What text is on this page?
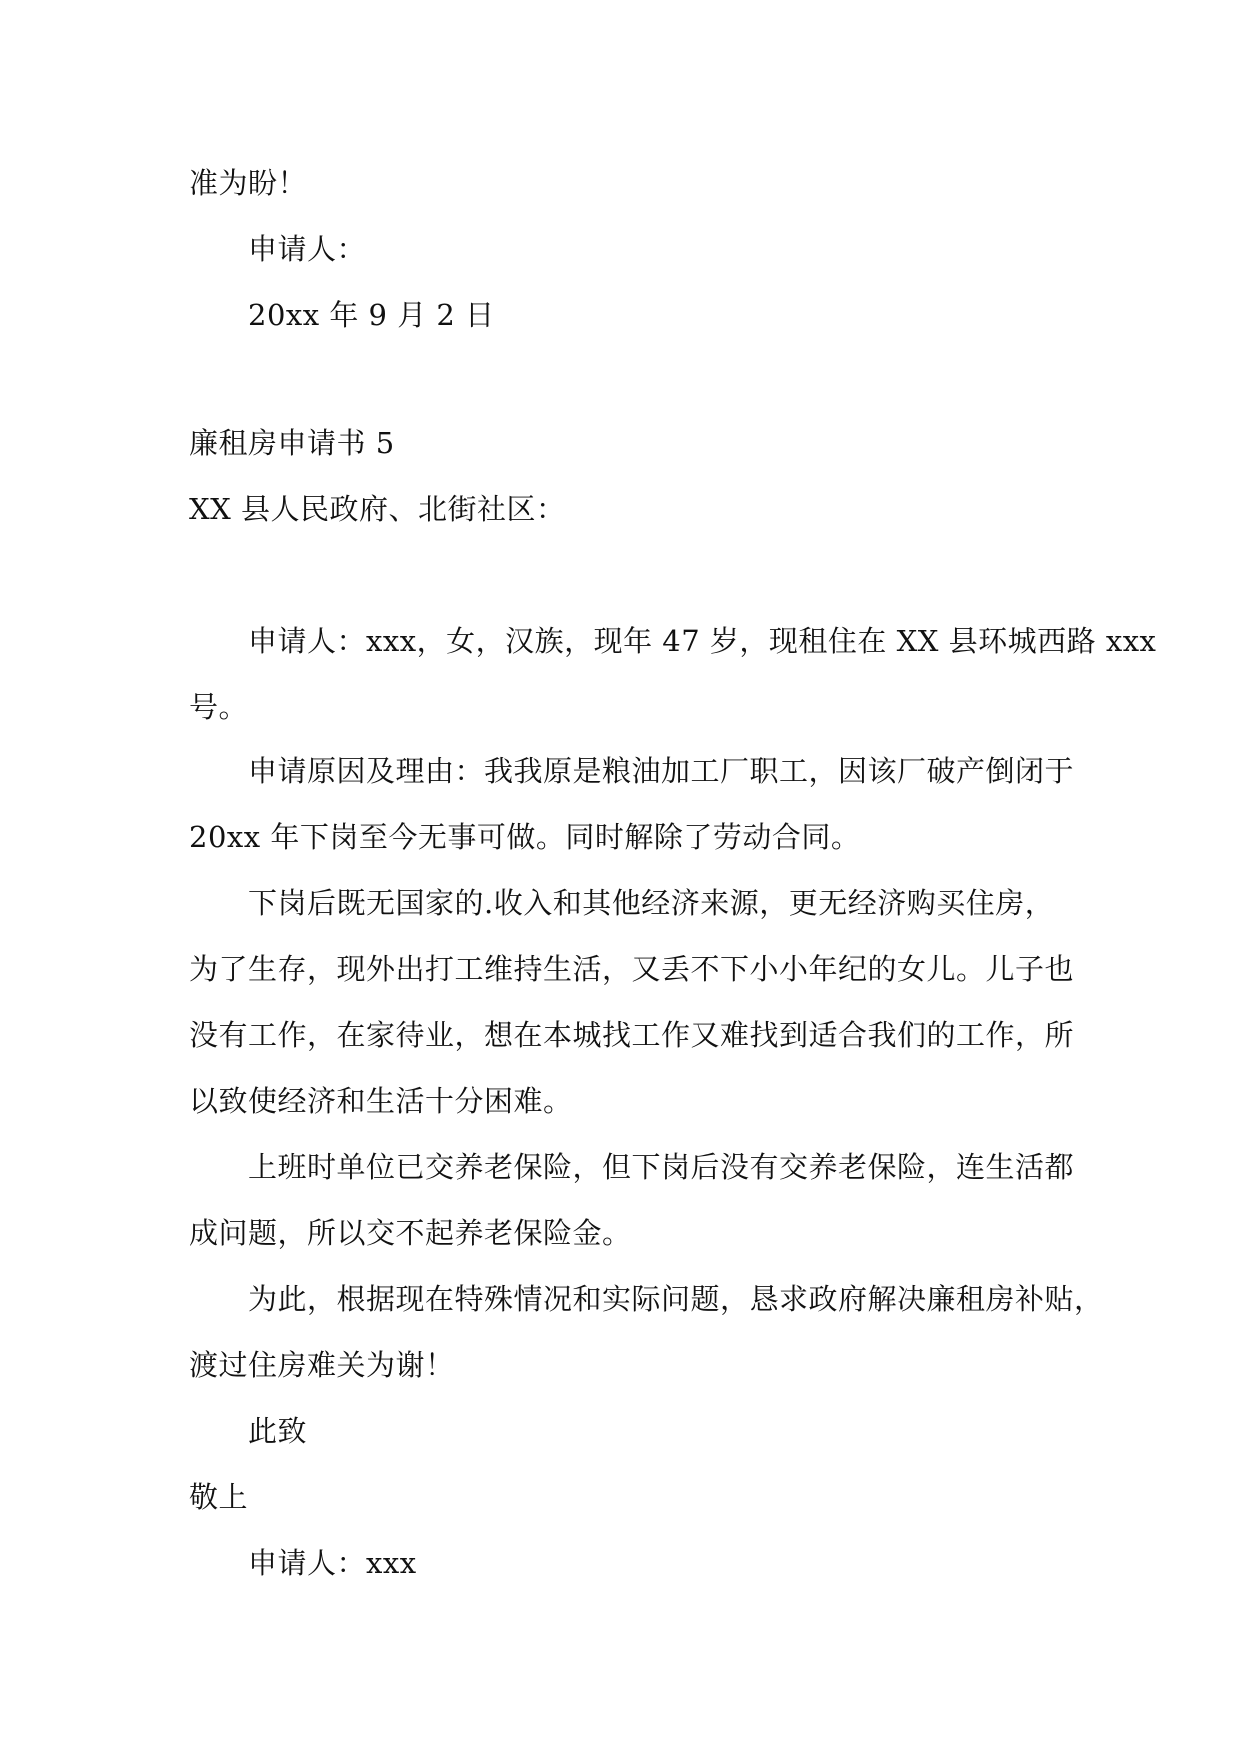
准为盼！
申请人：
20xx 年 9 月 2 日
廉租房申请书 5
XX 县人民政府、北街社区：
申请人：xxx，女，汉族，现年 47 岁，现租住在 XX 县环城西路 xxx
号。
申请原因及理由：我我原是粮油加工厂职工，因该厂破产倒闭于
20xx 年下岗至今无事可做。同时解除了劳动合同。
下岗后既无国家的.收入和其他经济来源，更无经济购买住房，
为了生存，现外出打工维持生活，又丢不下小小年纪的女儿。儿子也
没有工作，在家待业，想在本城找工作又难找到适合我们的工作，所
以致使经济和生活十分困难。
上班时单位已交养老保险，但下岗后没有交养老保险，连生活都
成问题，所以交不起养老保险金。
为此，根据现在特殊情况和实际问题，恳求政府解决廉租房补贴，
渡过住房难关为谢！
此致
敬上
申请人：xxx
